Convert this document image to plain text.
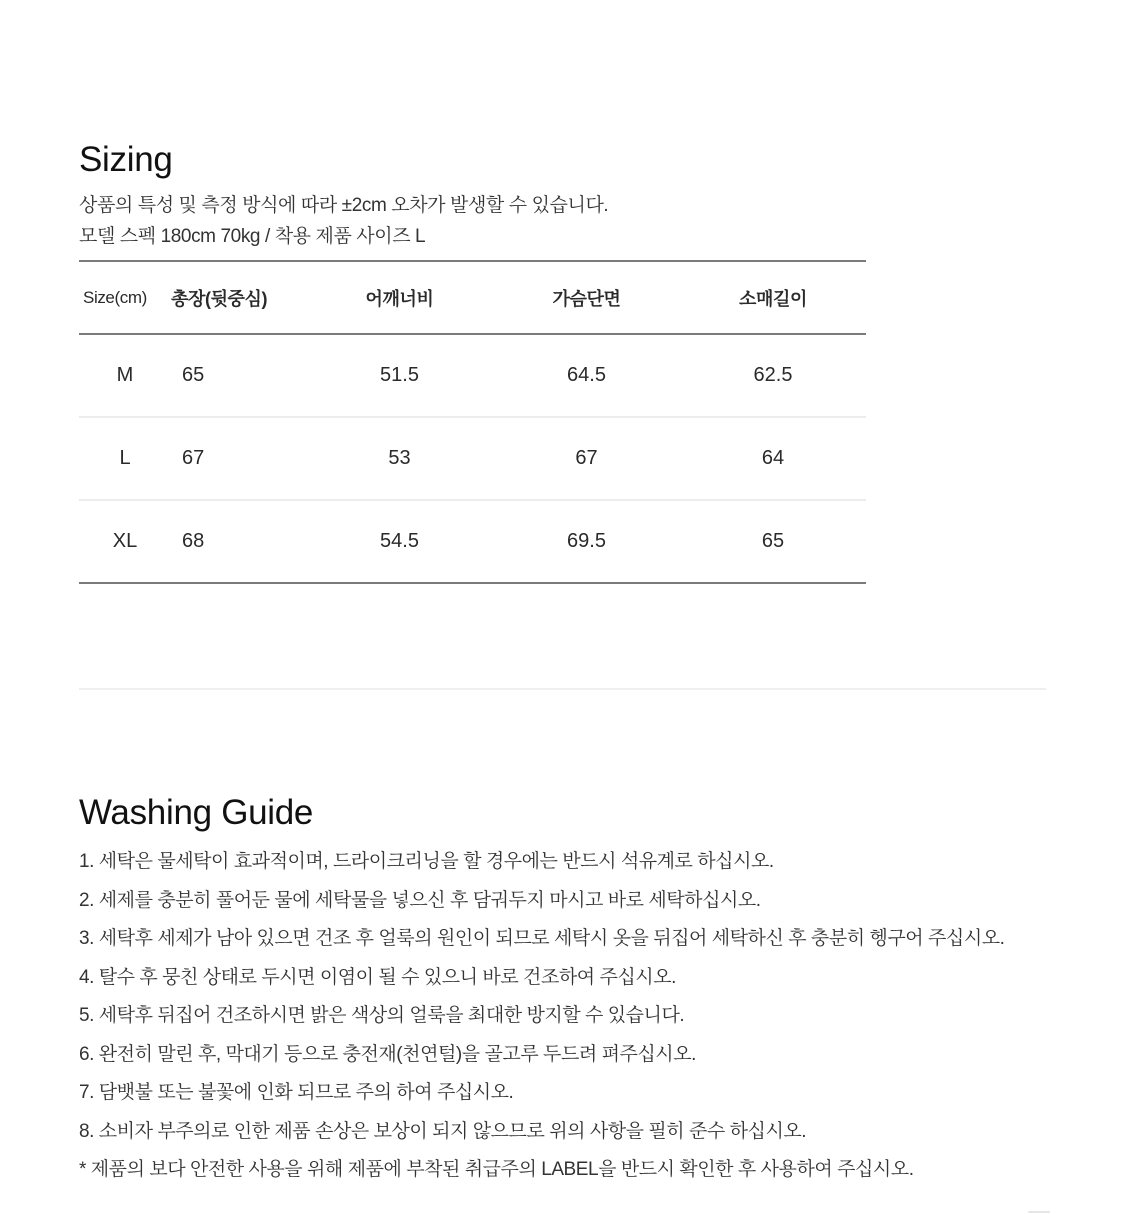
Sizing
상품의 특성 및 측정 방식에 따라 ±2cm 오차가 발생할 수 있습니다.
모델 스펙 180cm 70kg / 착용 제품 사이즈 L
Size(cm)	총장(뒷중심)	어깨너비	가슴단면	소매길이
M	65	51.5	64.5	62.5
L	67	53	67	64
XL	68	54.5	69.5	65
Washing Guide
1. 세탁은 물세탁이 효과적이며, 드라이크리닝을 할 경우에는 반드시 석유계로 하십시오.
2. 세제를 충분히 풀어둔 물에 세탁물을 넣으신 후 담궈두지 마시고 바로 세탁하십시오.
3. 세탁후 세제가 남아 있으면 건조 후 얼룩의 원인이 되므로 세탁시 옷을 뒤집어 세탁하신 후 충분히 헹구어 주십시오.
4. 탈수 후 뭉친 상태로 두시면 이염이 될 수 있으니 바로 건조하여 주십시오.
5. 세탁후 뒤집어 건조하시면 밝은 색상의 얼룩을 최대한 방지할 수 있습니다.
6. 완전히 말린 후, 막대기 등으로 충전재(천연털)을 골고루 두드려 펴주십시오.
7. 담뱃불 또는 불꽃에 인화 되므로 주의 하여 주십시오.
8. 소비자 부주의로 인한 제품 손상은 보상이 되지 않으므로 위의 사항을 필히 준수 하십시오.
* 제품의 보다 안전한 사용을 위해 제품에 부착된 취급주의 LABEL을 반드시 확인한 후 사용하여 주십시오.
